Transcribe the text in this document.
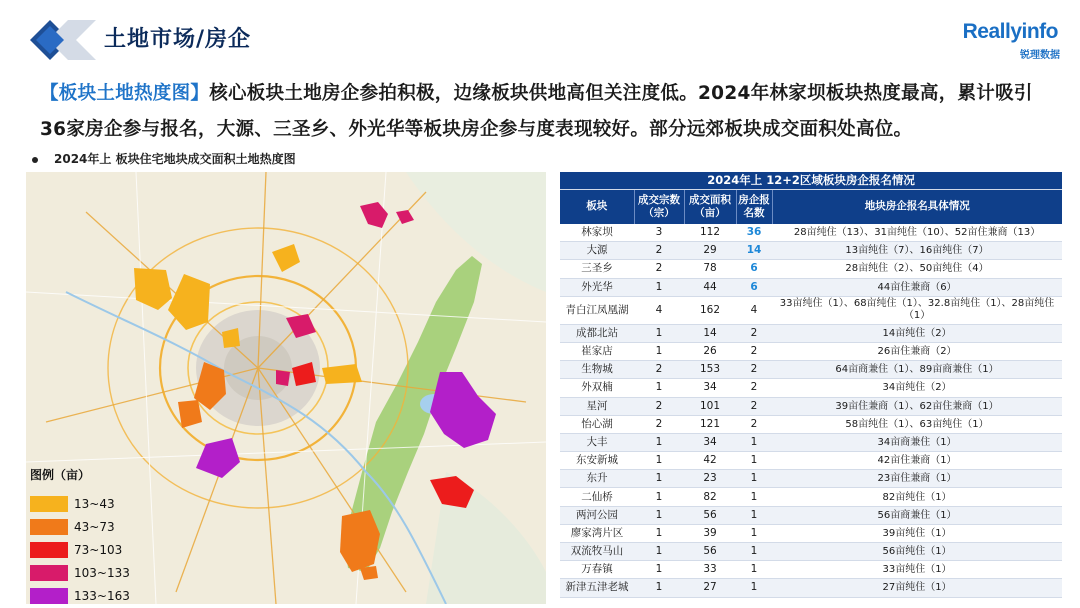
土地市场/房企	Reallyinfo
锐理数据
【板块土地热度图】核心板块土地房企参拍积极，边缘板块供地高但关注度低。2024年林家坝板块热度最高，累计吸引36家房企参与报名，大源、三圣乡、外光华等板块房企参与度表现较好。部分远郊板块成交面积处高位。
2024年上 板块住宅地块成交面积土地热度图
图例（亩）
13~43
43~73
73~103
103~133
133~163
2024年上 12+2区域板块房企报名情况				
板块	成交宗数（宗）	成交面积（亩）	房企报名数	地块房企报名具体情况
林家坝	3	112	36	28亩纯住（13）、31亩纯住（10）、52亩住兼商（13）
大源	2	29	14	13亩纯住（7）、16亩纯住（7）
三圣乡	2	78	6	28亩纯住（2）、50亩纯住（4）
外光华	1	44	6	44亩住兼商（6）
青白江凤凰湖	4	162	4	33亩纯住（1）、68亩纯住（1）、32.8亩纯住（1）、28亩纯住（1）
成都北站	1	14	2	14亩纯住（2）
崔家店	1	26	2	26亩住兼商（2）
生物城	2	153	2	64亩商兼住（1）、89亩商兼住（1）
外双楠	1	34	2	34亩纯住（2）
星河	2	101	2	39亩住兼商（1）、62亩住兼商（1）
怡心湖	2	121	2	58亩纯住（1）、63亩纯住（1）
大丰	1	34	1	34亩商兼住（1）
东安新城	1	42	1	42亩住兼商（1）
东升	1	23	1	23亩住兼商（1）
二仙桥	1	82	1	82亩纯住（1）
两河公园	1	56	1	56亩商兼住（1）
廖家湾片区	1	39	1	39亩纯住（1）
双流牧马山	1	56	1	56亩纯住（1）
万春镇	1	33	1	33亩纯住（1）
新津五津老城	1	27	1	27亩纯住（1）
